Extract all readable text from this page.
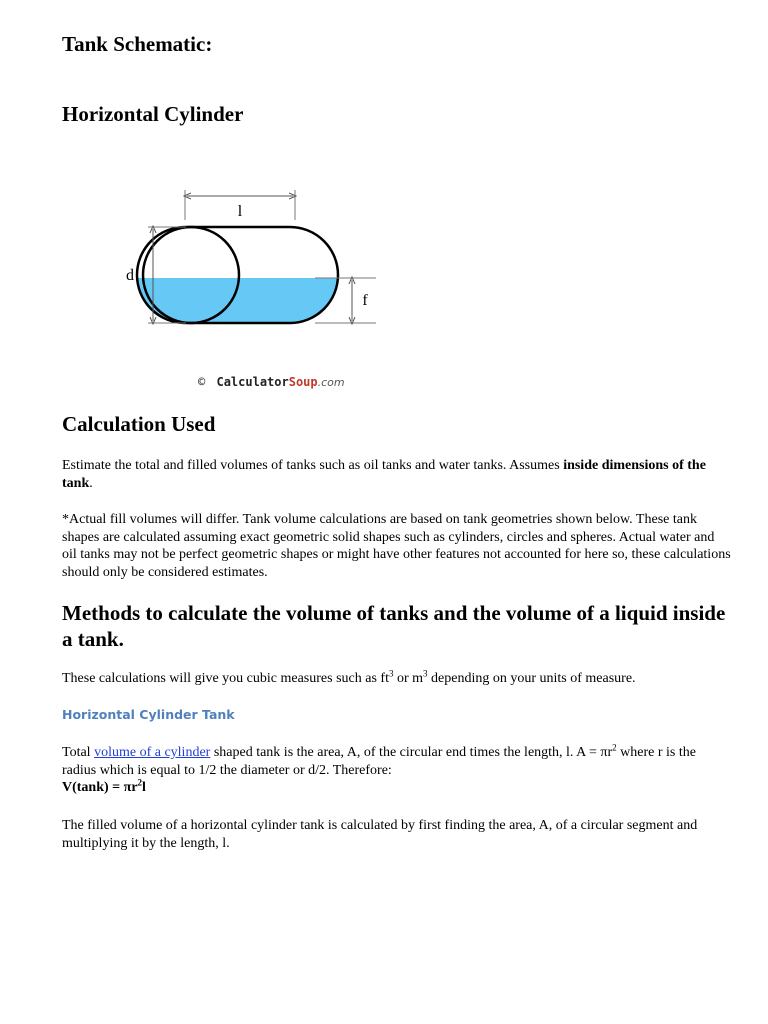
Tank Schematic:
Horizontal Cylinder
l
d
f
© CalculatorSoup.com
Calculation Used

Estimate the total and filled volumes of tanks such as oil tanks and water tanks. Assumes inside dimensions of the tank.

*Actual fill volumes will differ. Tank volume calculations are based on tank geometries shown below. These tank shapes are calculated assuming exact geometric solid shapes such as cylinders, circles and spheres. Actual water and oil tanks may not be perfect geometric shapes or might have other features not accounted for here so, these calculations should only be considered estimates.

Methods to calculate the volume of tanks and the volume of a liquid inside a tank.

These calculations will give you cubic measures such as $ft^3$ or $m^3$ depending on your units of measure.

Horizontal Cylinder Tank

Total volume of a cylinder shaped tank is the area, A, of the circular end times the length, l. $A = \pi r^2$ where r is the radius which is equal to 1/2 the diameter or d/2. Therefore:
$V(\tan k) = \pi r^2l$

The filled volume of a horizontal cylinder tank is calculated by first finding the area, A, of a circular segment and multiplying it by the length, l.
